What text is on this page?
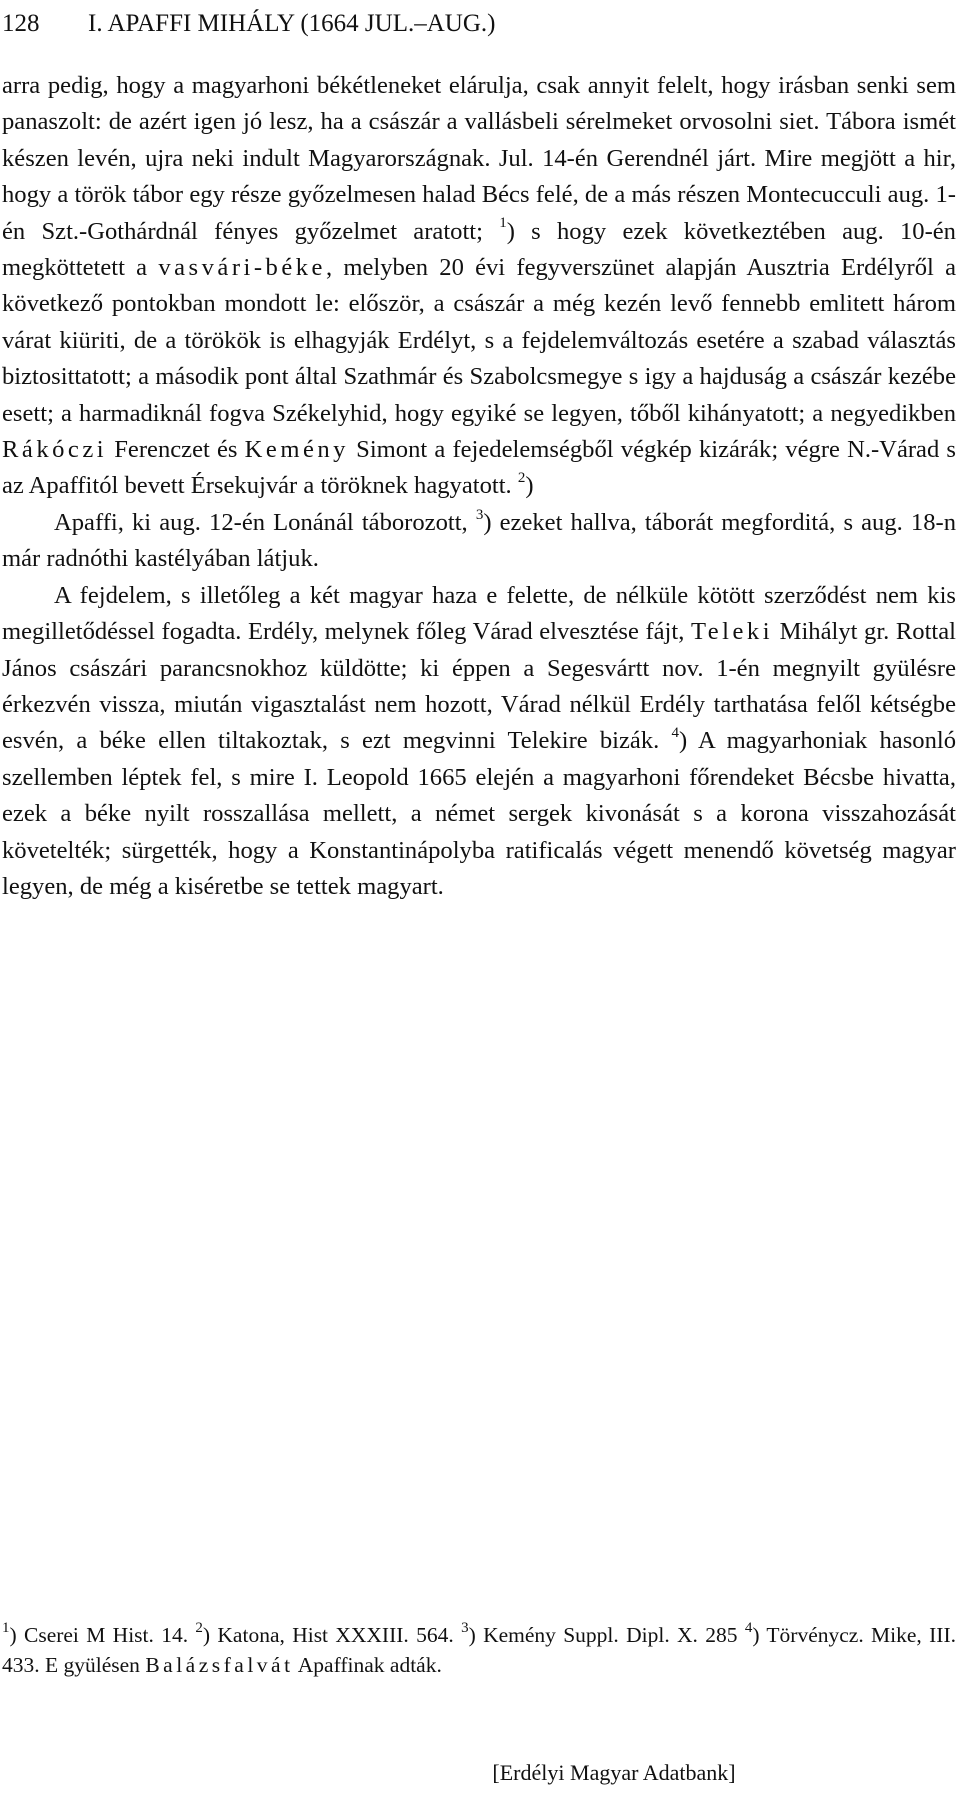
128 I. APAFFI MIHÁLY (1664 JUL.–AUG.)

arra pedig, hogy a magyarhoni békétleneket elárulja, csak annyit felelt, hogy irásban senki sem panaszolt: de azért igen jó lesz, ha a császár a vallásbeli sérelmeket orvosolni siet. Tábora ismét készen levén, ujra neki indult Magyarországnak. Jul. 14-én Gerendnél járt. Mire megjött a hir, hogy a török tábor egy része győzelmesen halad Bécs felé, de a más részen Montecucculi aug. 1-én Szt.-Gothárdnál fényes győzelmet aratott; $^1$) s hogy ezek következtében aug. 10-én megköttetett a vasvári-béke, melyben 20 évi fegyverszünet alapján Ausztria Erdélyről a következő pontokban mondott le: először, a császár a még kezén levő fennebb emlitett három várat kiüriti, de a törökök is elhagyják Erdélyt, s a fejdelemváltozás esetére a szabad választás biztosittatott; a második pont által Szathmár és Szabolcsmegye s igy a hajduság a császár kezébe esett; a harmadiknál fogva Székelyhid, hogy egyiké se legyen, tőből kihányatott; a negyedikben Rákóczi Ferenczet és Kemény Simont a fejedelemségből végkép kizárák; végre N.-Várad s az Apaffitól bevett Érsekujvár a töröknek hagyatott. $^2$)

Apaffi, ki aug. 12-én Lonánál táborozott, $^3$) ezeket hallva, táborát megforditá, s aug. 18-n már radnóthi kastélyában látjuk.

A fejdelem, s illetőleg a két magyar haza e felette, de nélküle kötött szerződést nem kis megilletődéssel fogadta. Erdély, melynek főleg Várad elvesztése fájt, Teleki Mihályt gr. Rottal János császári parancsnokhoz küldötte; ki éppen a Segesvártt nov. 1-én megnyilt gyülésre érkezvén vissza, miután vigasztalást nem hozott, Várad nélkül Erdély tarthatása felől kétségbe esvén, a béke ellen tiltakoztak, s ezt megvinni Telekire bizák. $^4$) A magyarhoniak hasonló szellemben léptek fel, s mire I. Leopold 1665 elején a magyarhoni főrendeket Bécsbe hivatta, ezek a béke nyilt rosszallása mellett, a német sergek kivonását s a korona visszahozását követelték; sürgették, hogy a Konstantinápolyba ratificalás végett menendő követség magyar legyen, de még a kiséretbe se tettek magyart.

$^1$) Cserei M Hist. 14. $^2$) Katona, Hist XXXIII. 564. $^3$) Kemény Suppl. Dipl. X. 285 $^4$) Törvénycz. Mike, III. 433. E gyülésen Balázsfalvát Apaffinak adták.
[Erdélyi Magyar Adatbank]
